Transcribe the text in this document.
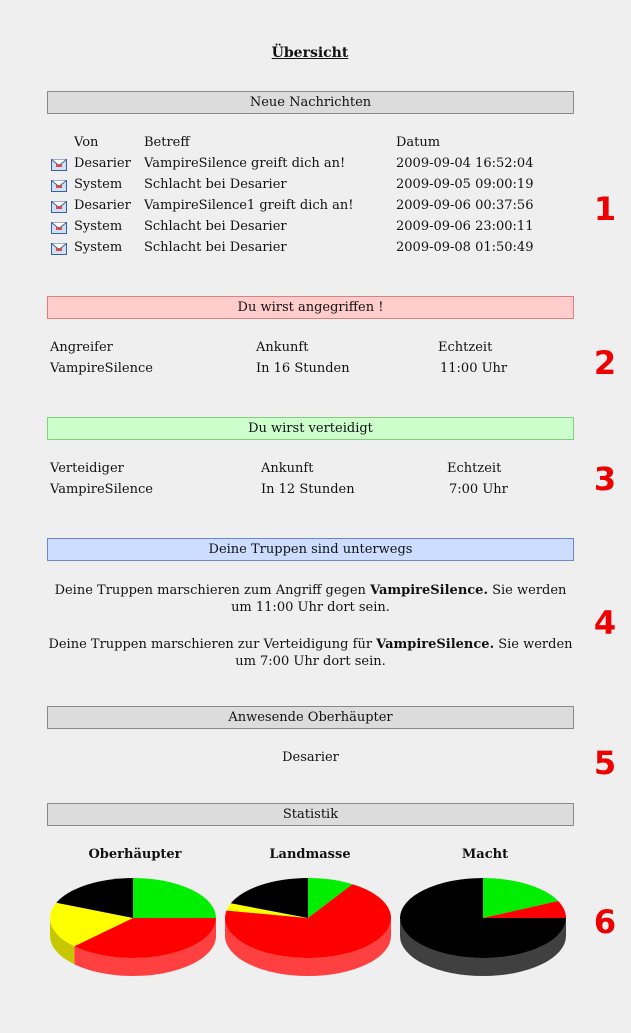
Übersicht
Neue Nachrichten
Von	Betreff	Datum
Desarier VampireSilence greift dich an!	2009-09-04 16:52:04
System Schlacht bei Desarier	2009-09-05 09:00:19
Desarier VampireSilence1 greift dich an!	2009-09-06 00:37:56
System Schlacht bei Desarier	2009-09-06 23:00:11
System Schlacht bei Desarier	2009-09-08 01:50:49
1
Du wirst angegriffen !
Angreifer	Ankunft	Echtzeit
VampireSilence	In 16 Stunden	11:00 Uhr	2
Du wirst verteidigt
Verteidiger	Ankunft	Echtzeit
VampireSilence	In 12 Stunden	7:00 Uhr	3
Deine Truppen sind unterwegs
Deine Truppen marschieren zum Angriff gegen VampireSilence. Sie werden um 11:00 Uhr dort sein.
Deine Truppen marschieren zur Verteidigung für VampireSilence. Sie werden um 7:00 Uhr dort sein.
4
Anwesende Oberhäupter
Desarier	5
Statistik
Oberhäupter	Landmasse	Macht
6
